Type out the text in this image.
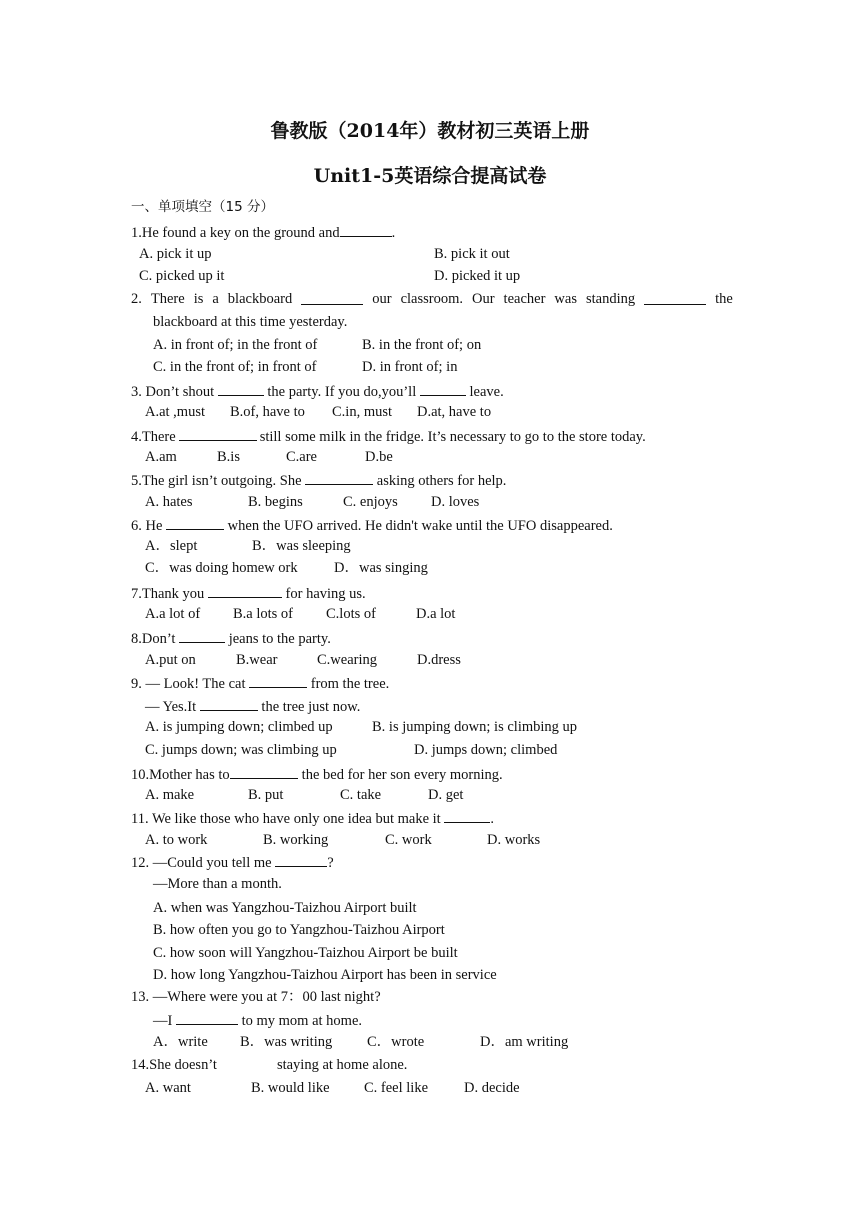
鲁教版（2014年）教材初三英语上册
Unit1-5英语综合提高试卷
一、单项填空（15 分）
1.He found a key on the ground and	.
A. pick it up	B. pick it out
C. picked up it	D. picked it up
2. There is a blackboard	our classroom. Our teacher was standing	the
blackboard at this time yesterday.
A. in front of; in the front of	B. in the front of; on
C. in the front of; in front of	D. in front of; in
3. Don’t shout	the party. If you do,you’ll	leave.
A.at ,must B.of, have to C.in, must D.at, have to
4.There	still some milk in the fridge. It’s necessary to go to the store today.
A.am	B.is	C.are	D.be
5.The girl isn’t outgoing. She	asking others for help.
A. hates	B. begins	C. enjoys D. loves
6. He	when the UFO arrived. He didn't wake until the UFO disappeared.
A．slept	B．was sleeping
C．was doing homew ork	D．was singing
7.Thank you	for having us.
A.a lot of B.a lots of C.lots of	D.a lot
8.Don’t	jeans to the party.
A.put on	B.wear	C.wearing	D.dress
9. — Look! The cat	from the tree.
— Yes.It	the tree just now.
A. is jumping down; climbed up	B. is jumping down; is climbing up
C. jumps down; was climbing up	D. jumps down; climbed
10.Mother has to	the bed for her son every morning.
A. make	B. put	C. take	D. get
11. We like those who have only one idea but make it	.
A. to work	B. working	C. work	D. works
12. —Could you tell me	?
—More than a month.
A. when was Yangzhou-Taizhou Airport built
B. how often you go to Yangzhou-Taizhou Airport
C. how soon will Yangzhou-Taizhou Airport be built
D. how long Yangzhou-Taizhou Airport has been in service
13. —Where were you at 7：00 last night?
—I	to my mom at home.
A．write B．was writing C．wrote	D．am writing
14.She doesn’t	staying at home alone.
A. want	B. would like C. feel like D. decide
